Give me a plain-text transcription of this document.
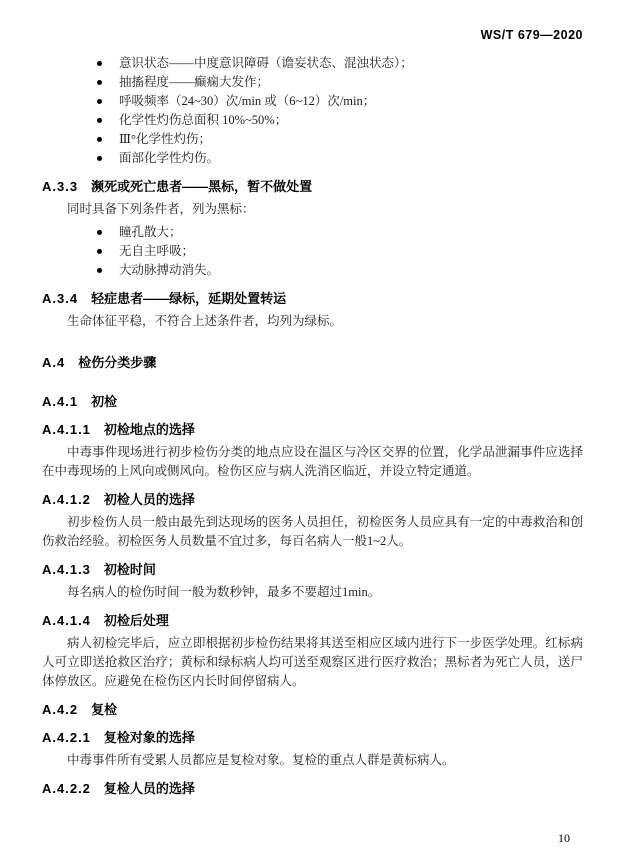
WS/T 679—2020
意识状态——中度意识障碍（谵妄状态、混浊状态）；
抽搐程度——癫痫大发作；
呼吸频率（24~30）次/min 或（6~12）次/min；
化学性灼伤总面积 10%~50%；
Ⅲ°化学性灼伤；
面部化学性灼伤。
A.3.3 濒死或死亡患者——黑标，暂不做处置

同时具备下列条件者，列为黑标：

瞳孔散大；
无自主呼吸；
大动脉搏动消失。
A.3.4 轻症患者——绿标，延期处置转运

生命体征平稳，不符合上述条件者，均列为绿标。

A.4 检伤分类步骤
A.4.1 初检
A.4.1.1 初检地点的选择

中毒事件现场进行初步检伤分类的地点应设在温区与冷区交界的位置，化学品泄漏事件应选择在中毒现场的上风向或侧风向。检伤区应与病人洗消区临近，并设立特定通道。

A.4.1.2 初检人员的选择

初步检伤人员一般由最先到达现场的医务人员担任，初检医务人员应具有一定的中毒救治和创伤救治经验。初检医务人员数量不宜过多，每百名病人一般1~2人。

A.4.1.3 初检时间

每名病人的检伤时间一般为数秒钟，最多不要超过1min。

A.4.1.4 初检后处理

病人初检完毕后，应立即根据初步检伤结果将其送至相应区域内进行下一步医学处理。红标病人可立即送抢救区治疗；黄标和绿标病人均可送至观察区进行医疗救治；黑标者为死亡人员，送尸体停放区。应避免在检伤区内长时间停留病人。

A.4.2 复检
A.4.2.1 复检对象的选择

中毒事件所有受累人员都应是复检对象。复检的重点人群是黄标病人。

A.4.2.2 复检人员的选择
10
